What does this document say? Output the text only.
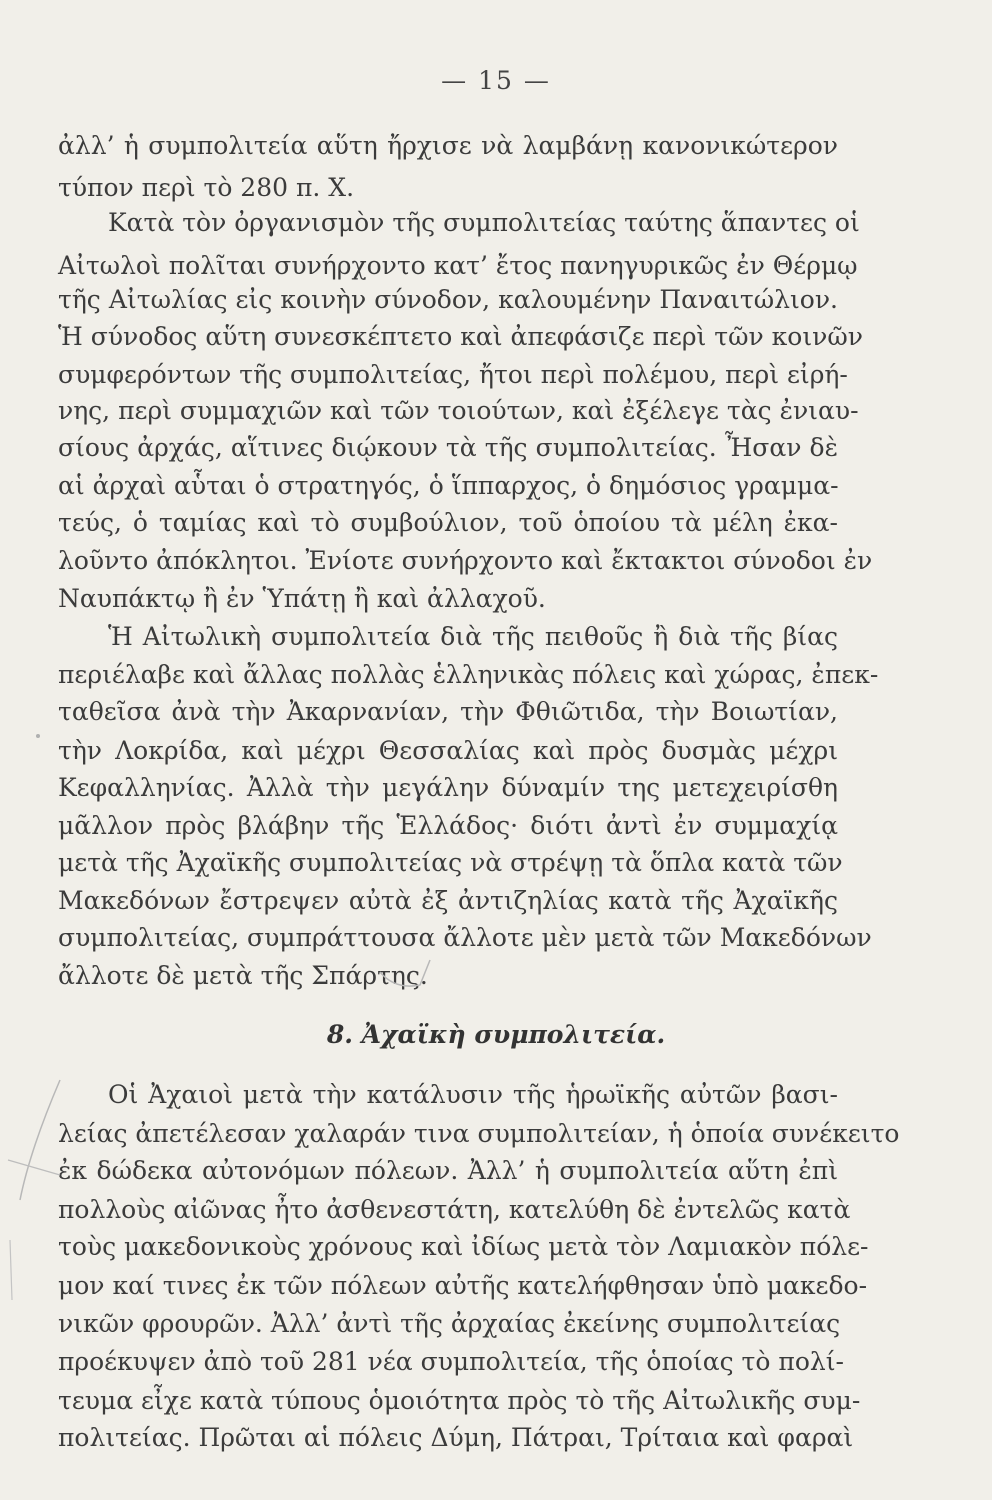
— 15 —
ἀλλ’ ἡ συμπολιτεία αὕτη ἤρχισε νὰ λαμβάνῃ κανονικώτερον
τύπον περὶ τὸ 280 π. Χ.
Κατὰ τὸν ὀργανισμὸν τῆς συμπολιτείας ταύτης ἅπαντες οἱ
Αἰτωλοὶ πολῖται συνήρχοντο κατ’ ἔτος πανηγυρικῶς ἐν Θέρμῳ
τῆς Αἰτωλίας εἰς κοινὴν σύνοδον, καλουμένην Παναιτώλιον.
Ἡ σύνοδος αὕτη συνεσκέπτετο καὶ ἀπεφάσιζε περὶ τῶν κοινῶν
συμφερόντων τῆς συμπολιτείας, ἤτοι περὶ πολέμου, περὶ εἰρή-
νης, περὶ συμμαχιῶν καὶ τῶν τοιούτων, καὶ ἐξέλεγε τὰς ἐνιαυ-
σίους ἀρχάς, αἵτινες διῴκουν τὰ τῆς συμπολιτείας. Ἦσαν δὲ
αἱ ἀρχαὶ αὗται ὁ στρατηγός, ὁ ἵππαρχος, ὁ δημόσιος γραμμα-
τεύς, ὁ ταμίας καὶ τὸ συμβούλιον, τοῦ ὁποίου τὰ μέλη ἐκα-
λοῦντο ἀπόκλητοι. Ἐνίοτε συνήρχοντο καὶ ἔκτακτοι σύνοδοι ἐν
Ναυπάκτῳ ἢ ἐν Ὑπάτῃ ἢ καὶ ἀλλαχοῦ.
Ἡ Αἰτωλικὴ συμπολιτεία διὰ τῆς πειθοῦς ἢ διὰ τῆς βίας
περιέλαβε καὶ ἄλλας πολλὰς ἑλληνικὰς πόλεις καὶ χώρας, ἐπεκ-
ταθεῖσα ἀνὰ τὴν Ἀκαρνανίαν, τὴν Φθιῶτιδα, τὴν Βοιωτίαν,
τὴν Λοκρίδα, καὶ μέχρι Θεσσαλίας καὶ πρὸς δυσμὰς μέχρι
Κεφαλληνίας. Ἀλλὰ τὴν μεγάλην δύναμίν της μετεχειρίσθη
μᾶλλον πρὸς βλάβην τῆς Ἑλλάδος· διότι ἀντὶ ἐν συμμαχίᾳ
μετὰ τῆς Ἀχαϊκῆς συμπολιτείας νὰ στρέψῃ τὰ ὅπλα κατὰ τῶν
Μακεδόνων ἔστρεψεν αὐτὰ ἐξ ἀντιζηλίας κατὰ τῆς Ἀχαϊκῆς
συμπολιτείας, συμπράττουσα ἄλλοτε μὲν μετὰ τῶν Μακεδόνων
ἄλλοτε δὲ μετὰ τῆς Σπάρτης.
8. Ἀχαϊκὴ συμπολιτεία.
Οἱ Ἀχαιοὶ μετὰ τὴν κατάλυσιν τῆς ἡρωϊκῆς αὐτῶν βασι-
λείας ἀπετέλεσαν χαλαράν τινα συμπολιτείαν, ἡ ὁποία συνέκειτο
ἐκ δώδεκα αὐτονόμων πόλεων. Ἀλλ’ ἡ συμπολιτεία αὕτη ἐπὶ
πολλοὺς αἰῶνας ἦτο ἀσθενεστάτη, κατελύθη δὲ ἐντελῶς κατὰ
τοὺς μακεδονικοὺς χρόνους καὶ ἰδίως μετὰ τὸν Λαμιακὸν πόλε-
μον καί τινες ἐκ τῶν πόλεων αὐτῆς κατελήφθησαν ὑπὸ μακεδο-
νικῶν φρουρῶν. Ἀλλ’ ἀντὶ τῆς ἀρχαίας ἐκείνης συμπολιτείας
προέκυψεν ἀπὸ τοῦ 281 νέα συμπολιτεία, τῆς ὁποίας τὸ πολί-
τευμα εἶχε κατὰ τύπους ὁμοιότητα πρὸς τὸ τῆς Αἰτωλικῆς συμ-
πολιτείας. Πρῶται αἱ πόλεις Δύμη, Πάτραι, Τρίταια καὶ φαραὶ
